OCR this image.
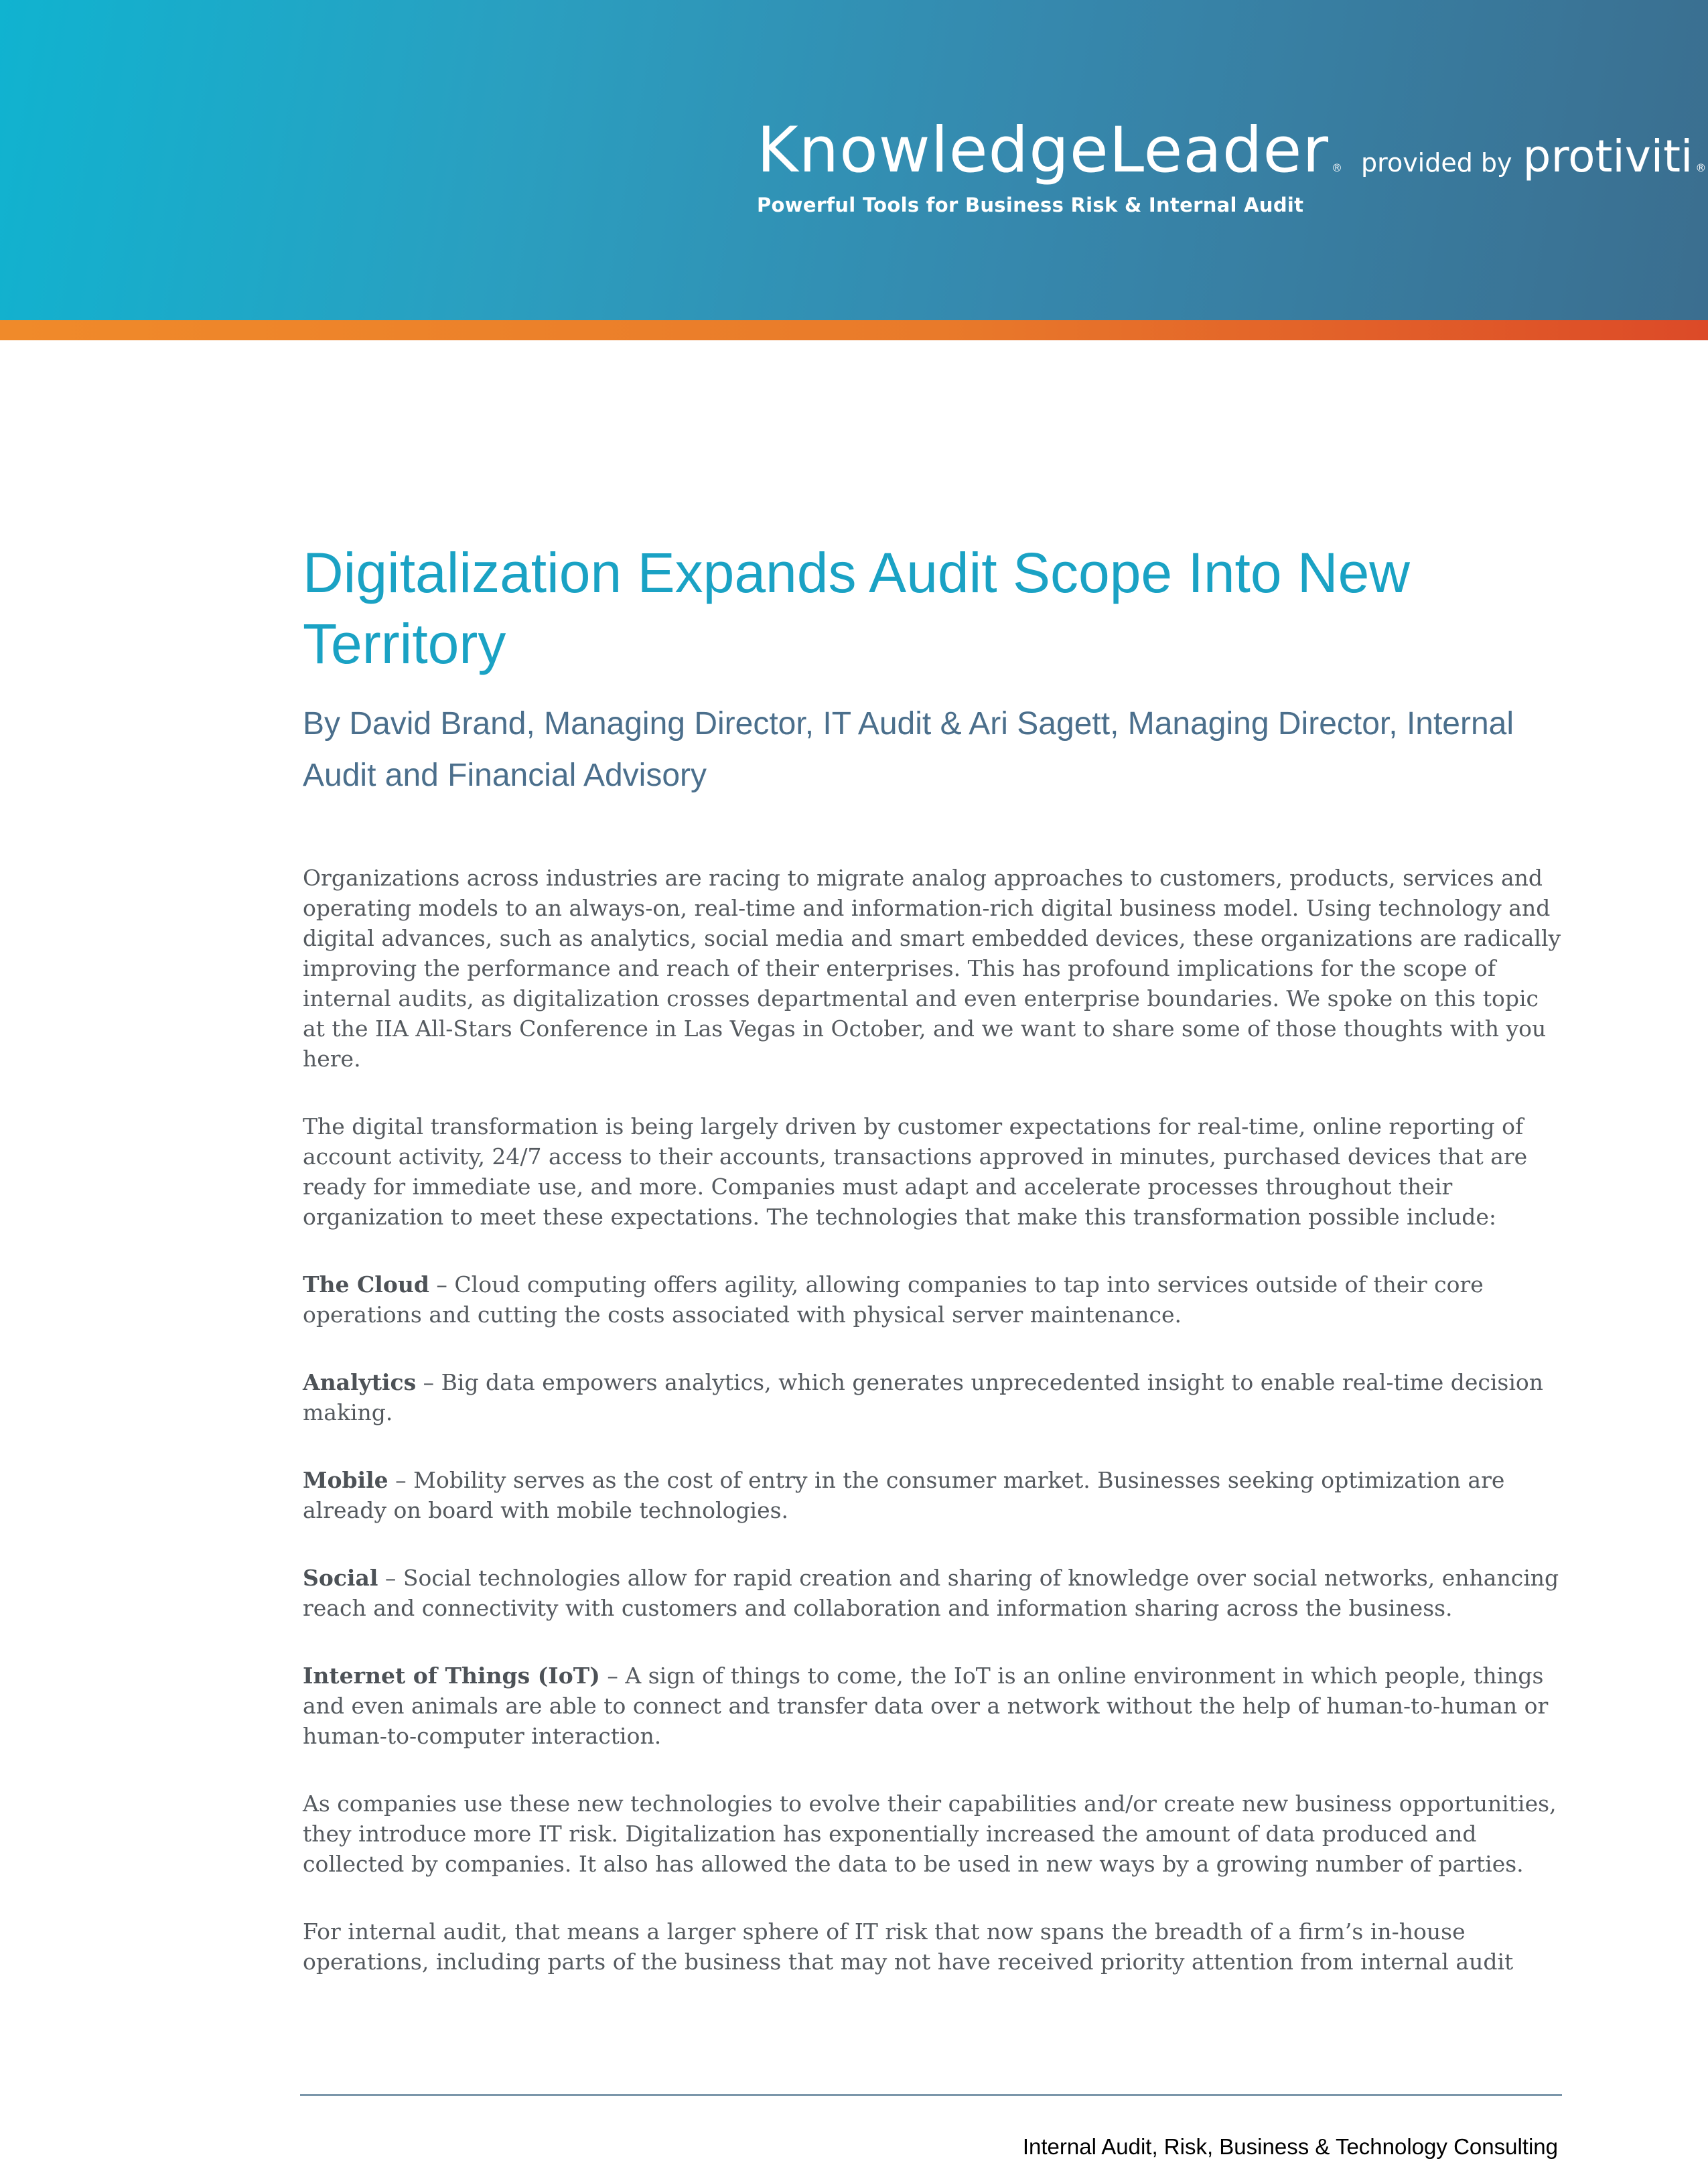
KnowledgeLeader ® provided by protiviti ®
Powerful Tools for Business Risk & Internal Audit
Digitalization Expands Audit Scope Into New Territory
By David Brand, Managing Director, IT Audit & Ari Sagett, Managing Director, Internal Audit and Financial Advisory

Organizations across industries are racing to migrate analog approaches to customers, products, services and operating models to an always-on, real-time and information-rich digital business model. Using technology and digital advances, such as analytics, social media and smart embedded devices, these organizations are radically improving the performance and reach of their enterprises. This has profound implications for the scope of internal audits, as digitalization crosses departmental and even enterprise boundaries. We spoke on this topic at the IIA All-Stars Conference in Las Vegas in October, and we want to share some of those thoughts with you here.

The digital transformation is being largely driven by customer expectations for real-time, online reporting of account activity, 24/7 access to their accounts, transactions approved in minutes, purchased devices that are ready for immediate use, and more. Companies must adapt and accelerate processes throughout their organization to meet these expectations. The technologies that make this transformation possible include:

The Cloud – Cloud computing offers agility, allowing companies to tap into services outside of their core operations and cutting the costs associated with physical server maintenance.

Analytics – Big data empowers analytics, which generates unprecedented insight to enable real-time decision making.

Mobile – Mobility serves as the cost of entry in the consumer market. Businesses seeking optimization are already on board with mobile technologies.

Social – Social technologies allow for rapid creation and sharing of knowledge over social networks, enhancing reach and connectivity with customers and collaboration and information sharing across the business.

Internet of Things (IoT) – A sign of things to come, the IoT is an online environment in which people, things and even animals are able to connect and transfer data over a network without the help of human-to-human or human-to-computer interaction.

As companies use these new technologies to evolve their capabilities and/or create new business opportunities, they introduce more IT risk. Digitalization has exponentially increased the amount of data produced and collected by companies. It also has allowed the data to be used in new ways by a growing number of parties.

For internal audit, that means a larger sphere of IT risk that now spans the breadth of a firm’s in-house operations, including parts of the business that may not have received priority attention from internal audit

Internal Audit, Risk, Business & Technology Consulting
